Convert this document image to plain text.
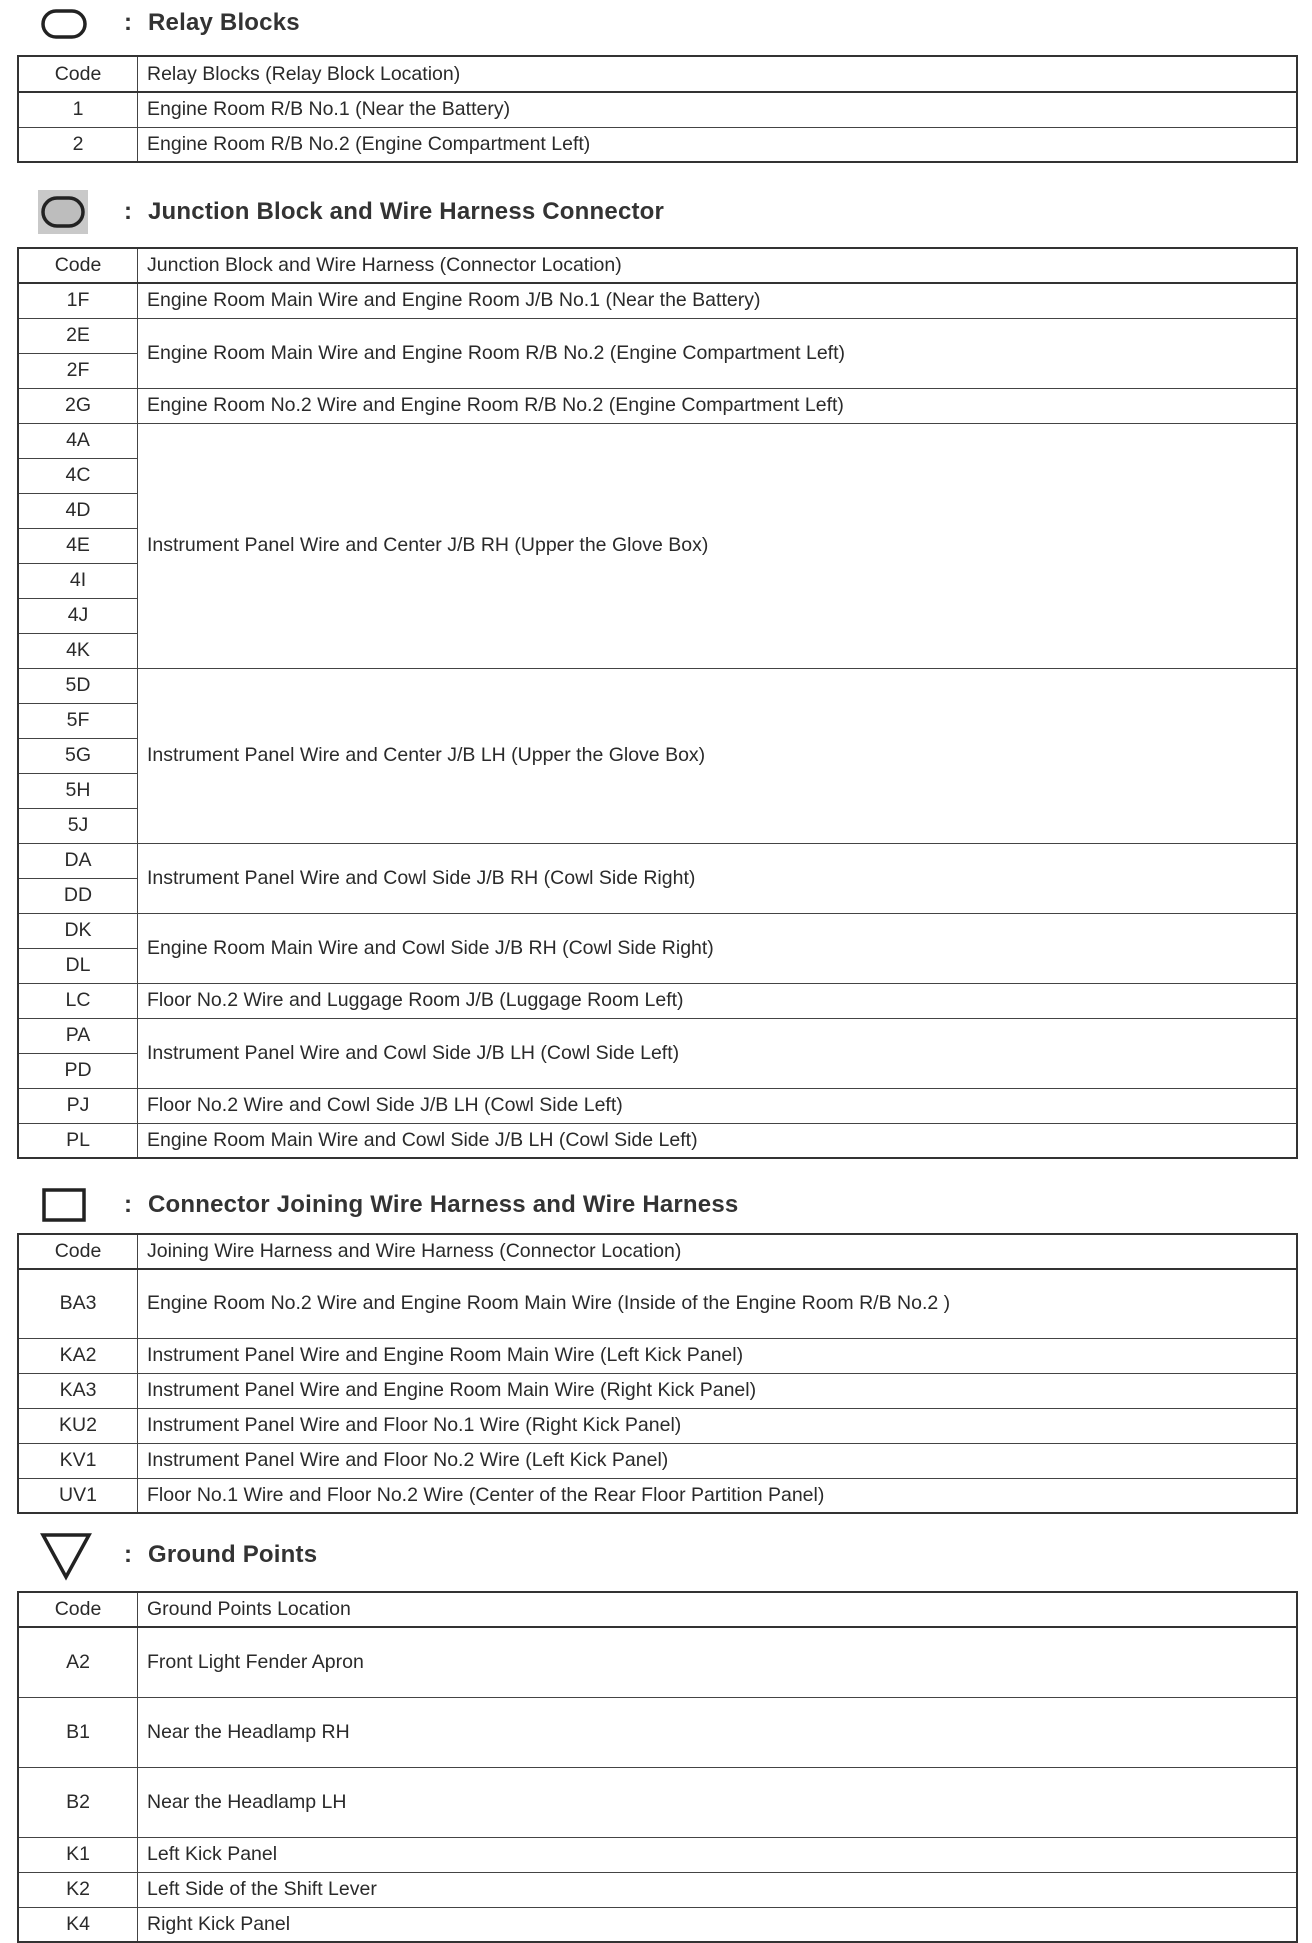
: Relay Blocks
Code	Relay Blocks (Relay Block Location)
1	Engine Room R/B No.1 (Near the Battery)
2	Engine Room R/B No.2 (Engine Compartment Left)
: Junction Block and Wire Harness Connector
Code	Junction Block and Wire Harness (Connector Location)
1F	Engine Room Main Wire and Engine Room J/B No.1 (Near the Battery)
2E	Engine Room Main Wire and Engine Room R/B No.2 (Engine Compartment Left)
2F	
2G	Engine Room No.2 Wire and Engine Room R/B No.2 (Engine Compartment Left)
4A	Instrument Panel Wire and Center J/B RH (Upper the Glove Box)
4C	
4D	
4E	
4I	
4J	
4K	
5D	Instrument Panel Wire and Center J/B LH (Upper the Glove Box)
5F	
5G	
5H	
5J	
DA	Instrument Panel Wire and Cowl Side J/B RH (Cowl Side Right)
DD	
DK	Engine Room Main Wire and Cowl Side J/B RH (Cowl Side Right)
DL	
LC	Floor No.2 Wire and Luggage Room J/B (Luggage Room Left)
PA	Instrument Panel Wire and Cowl Side J/B LH (Cowl Side Left)
PD	
PJ	Floor No.2 Wire and Cowl Side J/B LH (Cowl Side Left)
PL	Engine Room Main Wire and Cowl Side J/B LH (Cowl Side Left)
: Connector Joining Wire Harness and Wire Harness
Code	Joining Wire Harness and Wire Harness (Connector Location)
BA3	Engine Room No.2 Wire and Engine Room Main Wire (Inside of the Engine Room R/B No.2 )
KA2	Instrument Panel Wire and Engine Room Main Wire (Left Kick Panel)
KA3	Instrument Panel Wire and Engine Room Main Wire (Right Kick Panel)
KU2	Instrument Panel Wire and Floor No.1 Wire (Right Kick Panel)
KV1	Instrument Panel Wire and Floor No.2 Wire (Left Kick Panel)
UV1	Floor No.1 Wire and Floor No.2 Wire (Center of the Rear Floor Partition Panel)
: Ground Points
Code	Ground Points Location
A2	Front Light Fender Apron
B1	Near the Headlamp RH
B2	Near the Headlamp LH
K1	Left Kick Panel
K2	Left Side of the Shift Lever
K4	Right Kick Panel
